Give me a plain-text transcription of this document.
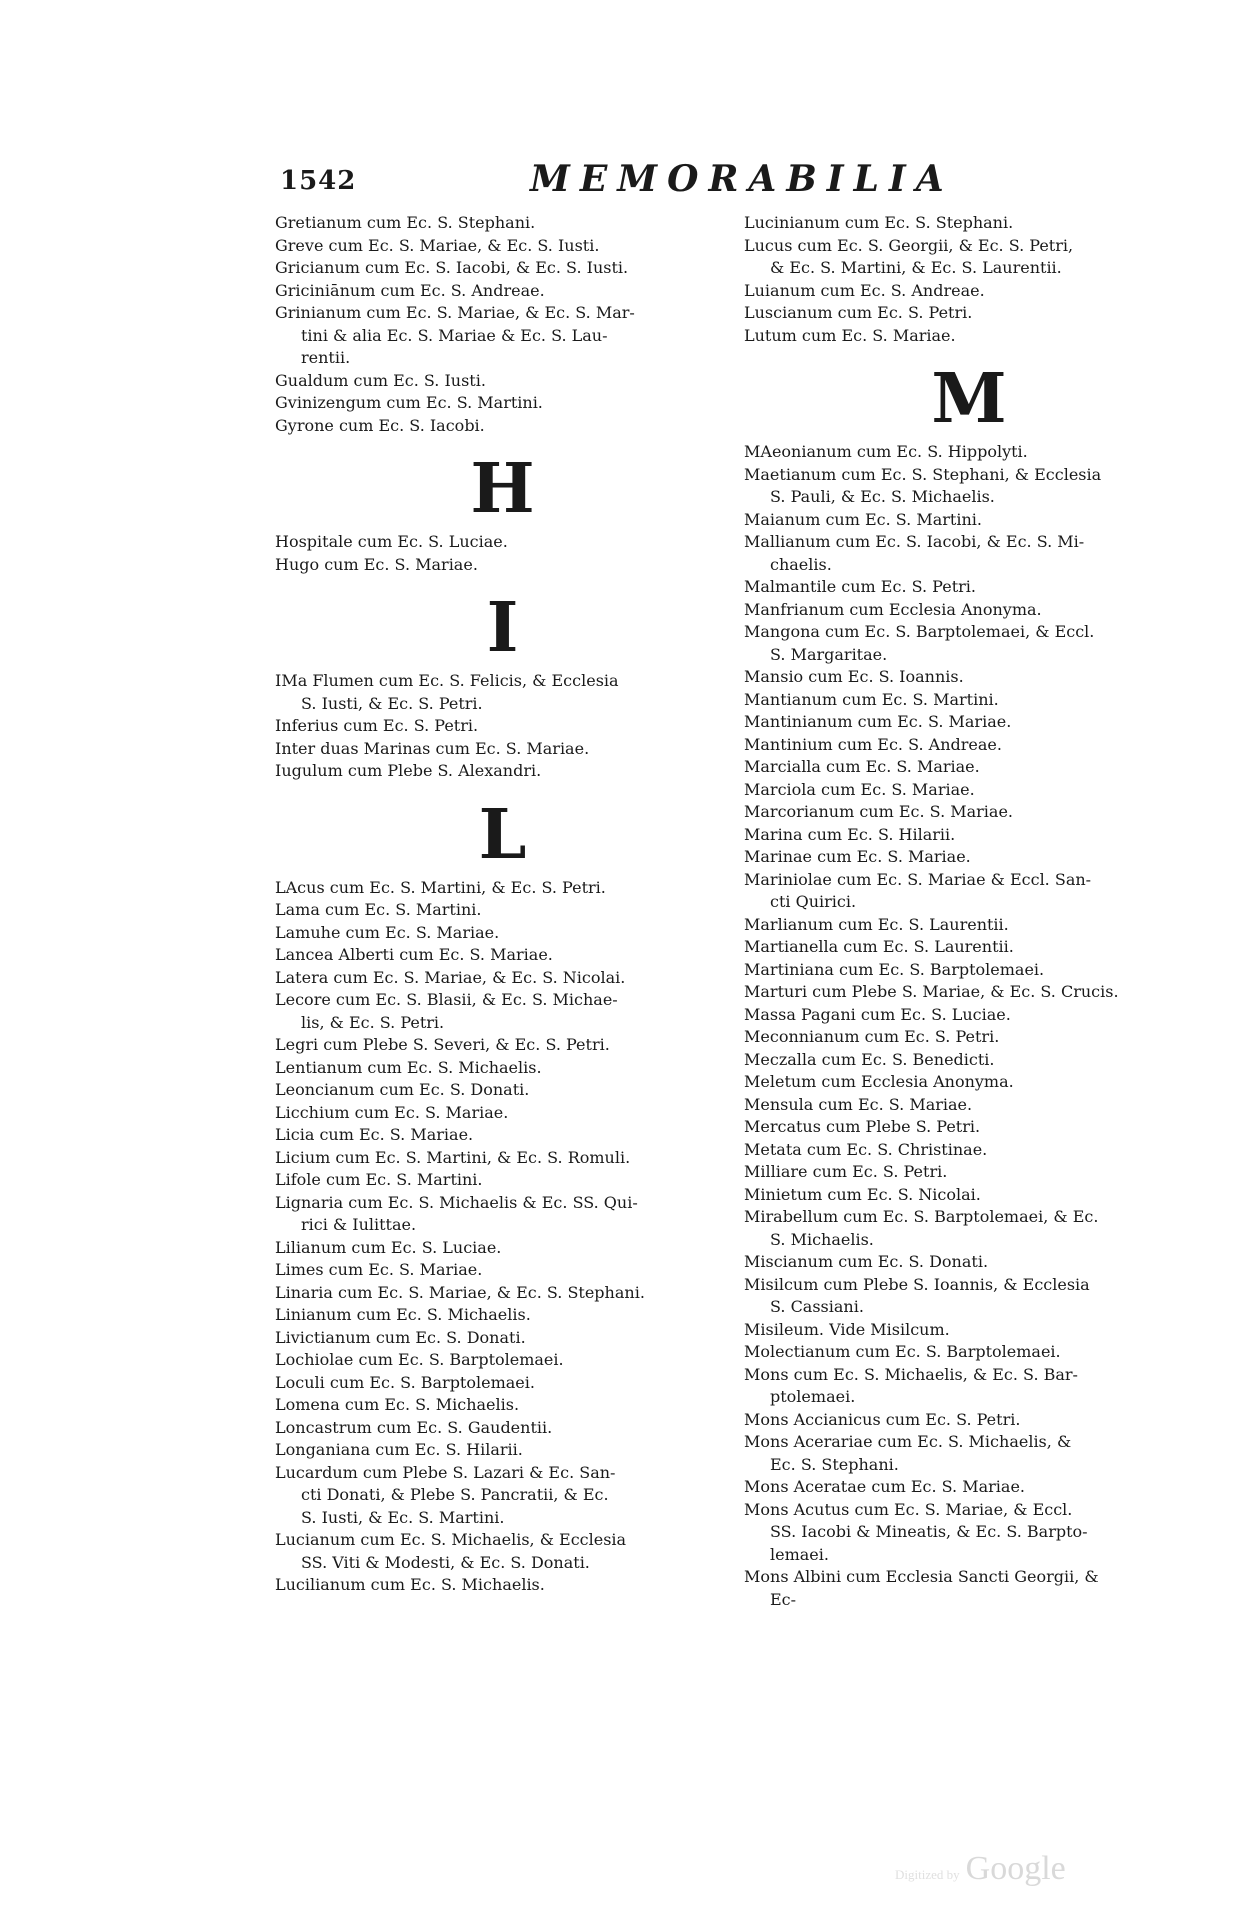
1542	MEMORABILIA
Gretianum cum Ec. S. Stephani.
Greve cum Ec. S. Mariae, & Ec. S. Iusti.
Gricianum cum Ec. S. Iacobi, & Ec. S. Iusti.
Griciniānum cum Ec. S. Andreae.
Grinianum cum Ec. S. Mariae, & Ec. S. Mar-
tini & alia Ec. S. Mariae & Ec. S. Lau-
rentii.
Gualdum cum Ec. S. Iusti.
Gvinizengum cum Ec. S. Martini.
Gyrone cum Ec. S. Iacobi.
H
Hospitale cum Ec. S. Luciae.
Hugo cum Ec. S. Mariae.
I
IMa Flumen cum Ec. S. Felicis, & Ecclesia
S. Iusti, & Ec. S. Petri.
Inferius cum Ec. S. Petri.
Inter duas Marinas cum Ec. S. Mariae.
Iugulum cum Plebe S. Alexandri.
L
LAcus cum Ec. S. Martini, & Ec. S. Petri.
Lama cum Ec. S. Martini.
Lamuhe cum Ec. S. Mariae.
Lancea Alberti cum Ec. S. Mariae.
Latera cum Ec. S. Mariae, & Ec. S. Nicolai.
Lecore cum Ec. S. Blasii, & Ec. S. Michae-
lis, & Ec. S. Petri.
Legri cum Plebe S. Severi, & Ec. S. Petri.
Lentianum cum Ec. S. Michaelis.
Leoncianum cum Ec. S. Donati.
Licchium cum Ec. S. Mariae.
Licia cum Ec. S. Mariae.
Licium cum Ec. S. Martini, & Ec. S. Romuli.
Lifole cum Ec. S. Martini.
Lignaria cum Ec. S. Michaelis & Ec. SS. Qui-
rici & Iulittae.
Lilianum cum Ec. S. Luciae.
Limes cum Ec. S. Mariae.
Linaria cum Ec. S. Mariae, & Ec. S. Stephani.
Linianum cum Ec. S. Michaelis.
Livictianum cum Ec. S. Donati.
Lochiolae cum Ec. S. Barptolemaei.
Loculi cum Ec. S. Barptolemaei.
Lomena cum Ec. S. Michaelis.
Loncastrum cum Ec. S. Gaudentii.
Longaniana cum Ec. S. Hilarii.
Lucardum cum Plebe S. Lazari & Ec. San-
cti Donati, & Plebe S. Pancratii, & Ec.
S. Iusti, & Ec. S. Martini.
Lucianum cum Ec. S. Michaelis, & Ecclesia
SS. Viti & Modesti, & Ec. S. Donati.
Lucilianum cum Ec. S. Michaelis.
Lucinianum cum Ec. S. Stephani.
Lucus cum Ec. S. Georgii, & Ec. S. Petri,
& Ec. S. Martini, & Ec. S. Laurentii.
Luianum cum Ec. S. Andreae.
Luscianum cum Ec. S. Petri.
Lutum cum Ec. S. Mariae.
M
MAeonianum cum Ec. S. Hippolyti.
Maetianum cum Ec. S. Stephani, & Ecclesia
S. Pauli, & Ec. S. Michaelis.
Maianum cum Ec. S. Martini.
Mallianum cum Ec. S. Iacobi, & Ec. S. Mi-
chaelis.
Malmantile cum Ec. S. Petri.
Manfrianum cum Ecclesia Anonyma.
Mangona cum Ec. S. Barptolemaei, & Eccl.
S. Margaritae.
Mansio cum Ec. S. Ioannis.
Mantianum cum Ec. S. Martini.
Mantinianum cum Ec. S. Mariae.
Mantinium cum Ec. S. Andreae.
Marcialla cum Ec. S. Mariae.
Marciola cum Ec. S. Mariae.
Marcorianum cum Ec. S. Mariae.
Marina cum Ec. S. Hilarii.
Marinae cum Ec. S. Mariae.
Mariniolae cum Ec. S. Mariae & Eccl. San-
cti Quirici.
Marlianum cum Ec. S. Laurentii.
Martianella cum Ec. S. Laurentii.
Martiniana cum Ec. S. Barptolemaei.
Marturi cum Plebe S. Mariae, & Ec. S. Crucis.
Massa Pagani cum Ec. S. Luciae.
Meconnianum cum Ec. S. Petri.
Meczalla cum Ec. S. Benedicti.
Meletum cum Ecclesia Anonyma.
Mensula cum Ec. S. Mariae.
Mercatus cum Plebe S. Petri.
Metata cum Ec. S. Christinae.
Milliare cum Ec. S. Petri.
Minietum cum Ec. S. Nicolai.
Mirabellum cum Ec. S. Barptolemaei, & Ec.
S. Michaelis.
Miscianum cum Ec. S. Donati.
Misilcum cum Plebe S. Ioannis, & Ecclesia
S. Cassiani.
Misileum. Vide Misilcum.
Molectianum cum Ec. S. Barptolemaei.
Mons cum Ec. S. Michaelis, & Ec. S. Bar-
ptolemaei.
Mons Accianicus cum Ec. S. Petri.
Mons Acerariae cum Ec. S. Michaelis, &
Ec. S. Stephani.
Mons Aceratae cum Ec. S. Mariae.
Mons Acutus cum Ec. S. Mariae, & Eccl.
SS. Iacobi & Mineatis, & Ec. S. Barpto-
lemaei.
Mons Albini cum Ecclesia Sancti Georgii, &
Ec-
Digitized by Google
